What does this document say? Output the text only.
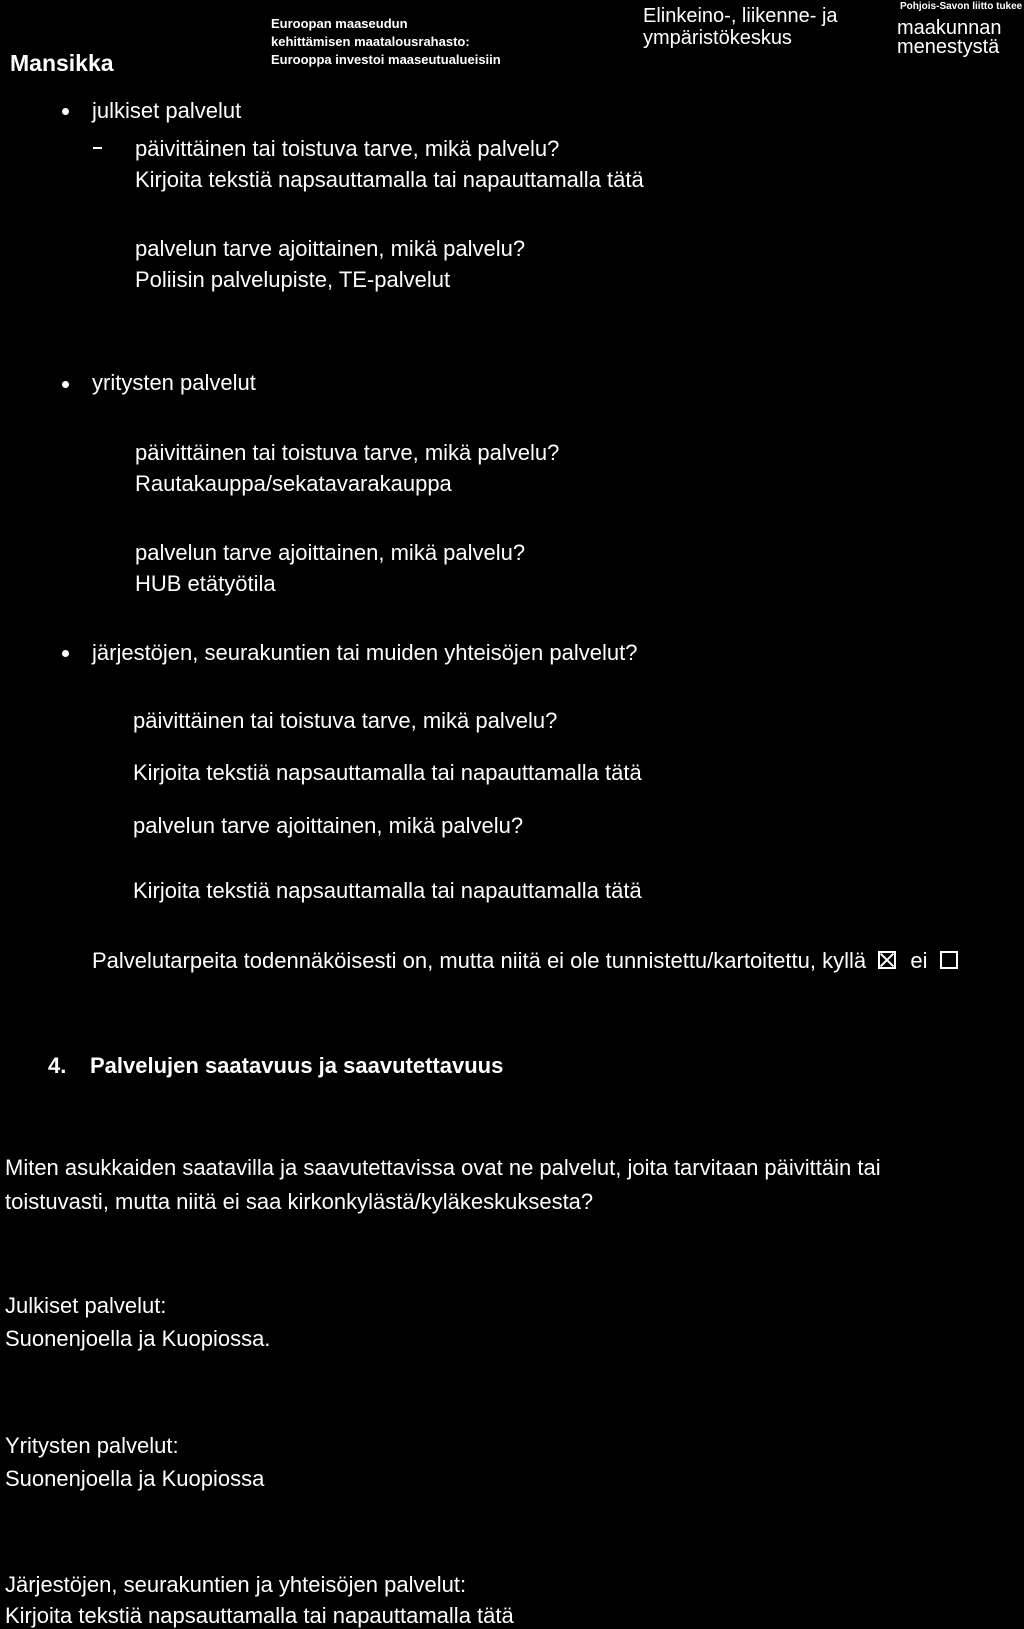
Mansikka
Euroopan maaseudun
kehittämisen maatalousrahasto:
Eurooppa investoi maaseutualueisiin
Elinkeino-, liikenne- ja
ympäristökeskus
Pohjois-Savon liitto tukee
maakunnan
menestystä
julkiset palvelut
päivittäinen tai toistuva tarve, mikä palvelu?
Kirjoita tekstiä napsauttamalla tai napauttamalla tätä
palvelun tarve ajoittainen, mikä palvelu?
Poliisin palvelupiste, TE-palvelut
yritysten palvelut
päivittäinen tai toistuva tarve, mikä palvelu?
Rautakauppa/sekatavarakauppa
palvelun tarve ajoittainen, mikä palvelu?
HUB etätyötila
järjestöjen, seurakuntien tai muiden yhteisöjen palvelut?
päivittäinen tai toistuva tarve, mikä palvelu?
Kirjoita tekstiä napsauttamalla tai napauttamalla tätä
palvelun tarve ajoittainen, mikä palvelu?
Kirjoita tekstiä napsauttamalla tai napauttamalla tätä
Palvelutarpeita todennäköisesti on, mutta niitä ei ole tunnistettu/kartoitettu, kyllä ei
4. Palvelujen saatavuus ja saavutettavuus
Miten asukkaiden saatavilla ja saavutettavissa ovat ne palvelut, joita tarvitaan päivittäin tai
toistuvasti, mutta niitä ei saa kirkonkylästä/kyläkeskuksesta?
Julkiset palvelut:
Suonenjoella ja Kuopiossa.
Yritysten palvelut:
Suonenjoella ja Kuopiossa
Järjestöjen, seurakuntien ja yhteisöjen palvelut:
Kirjoita tekstiä napsauttamalla tai napauttamalla tätä
